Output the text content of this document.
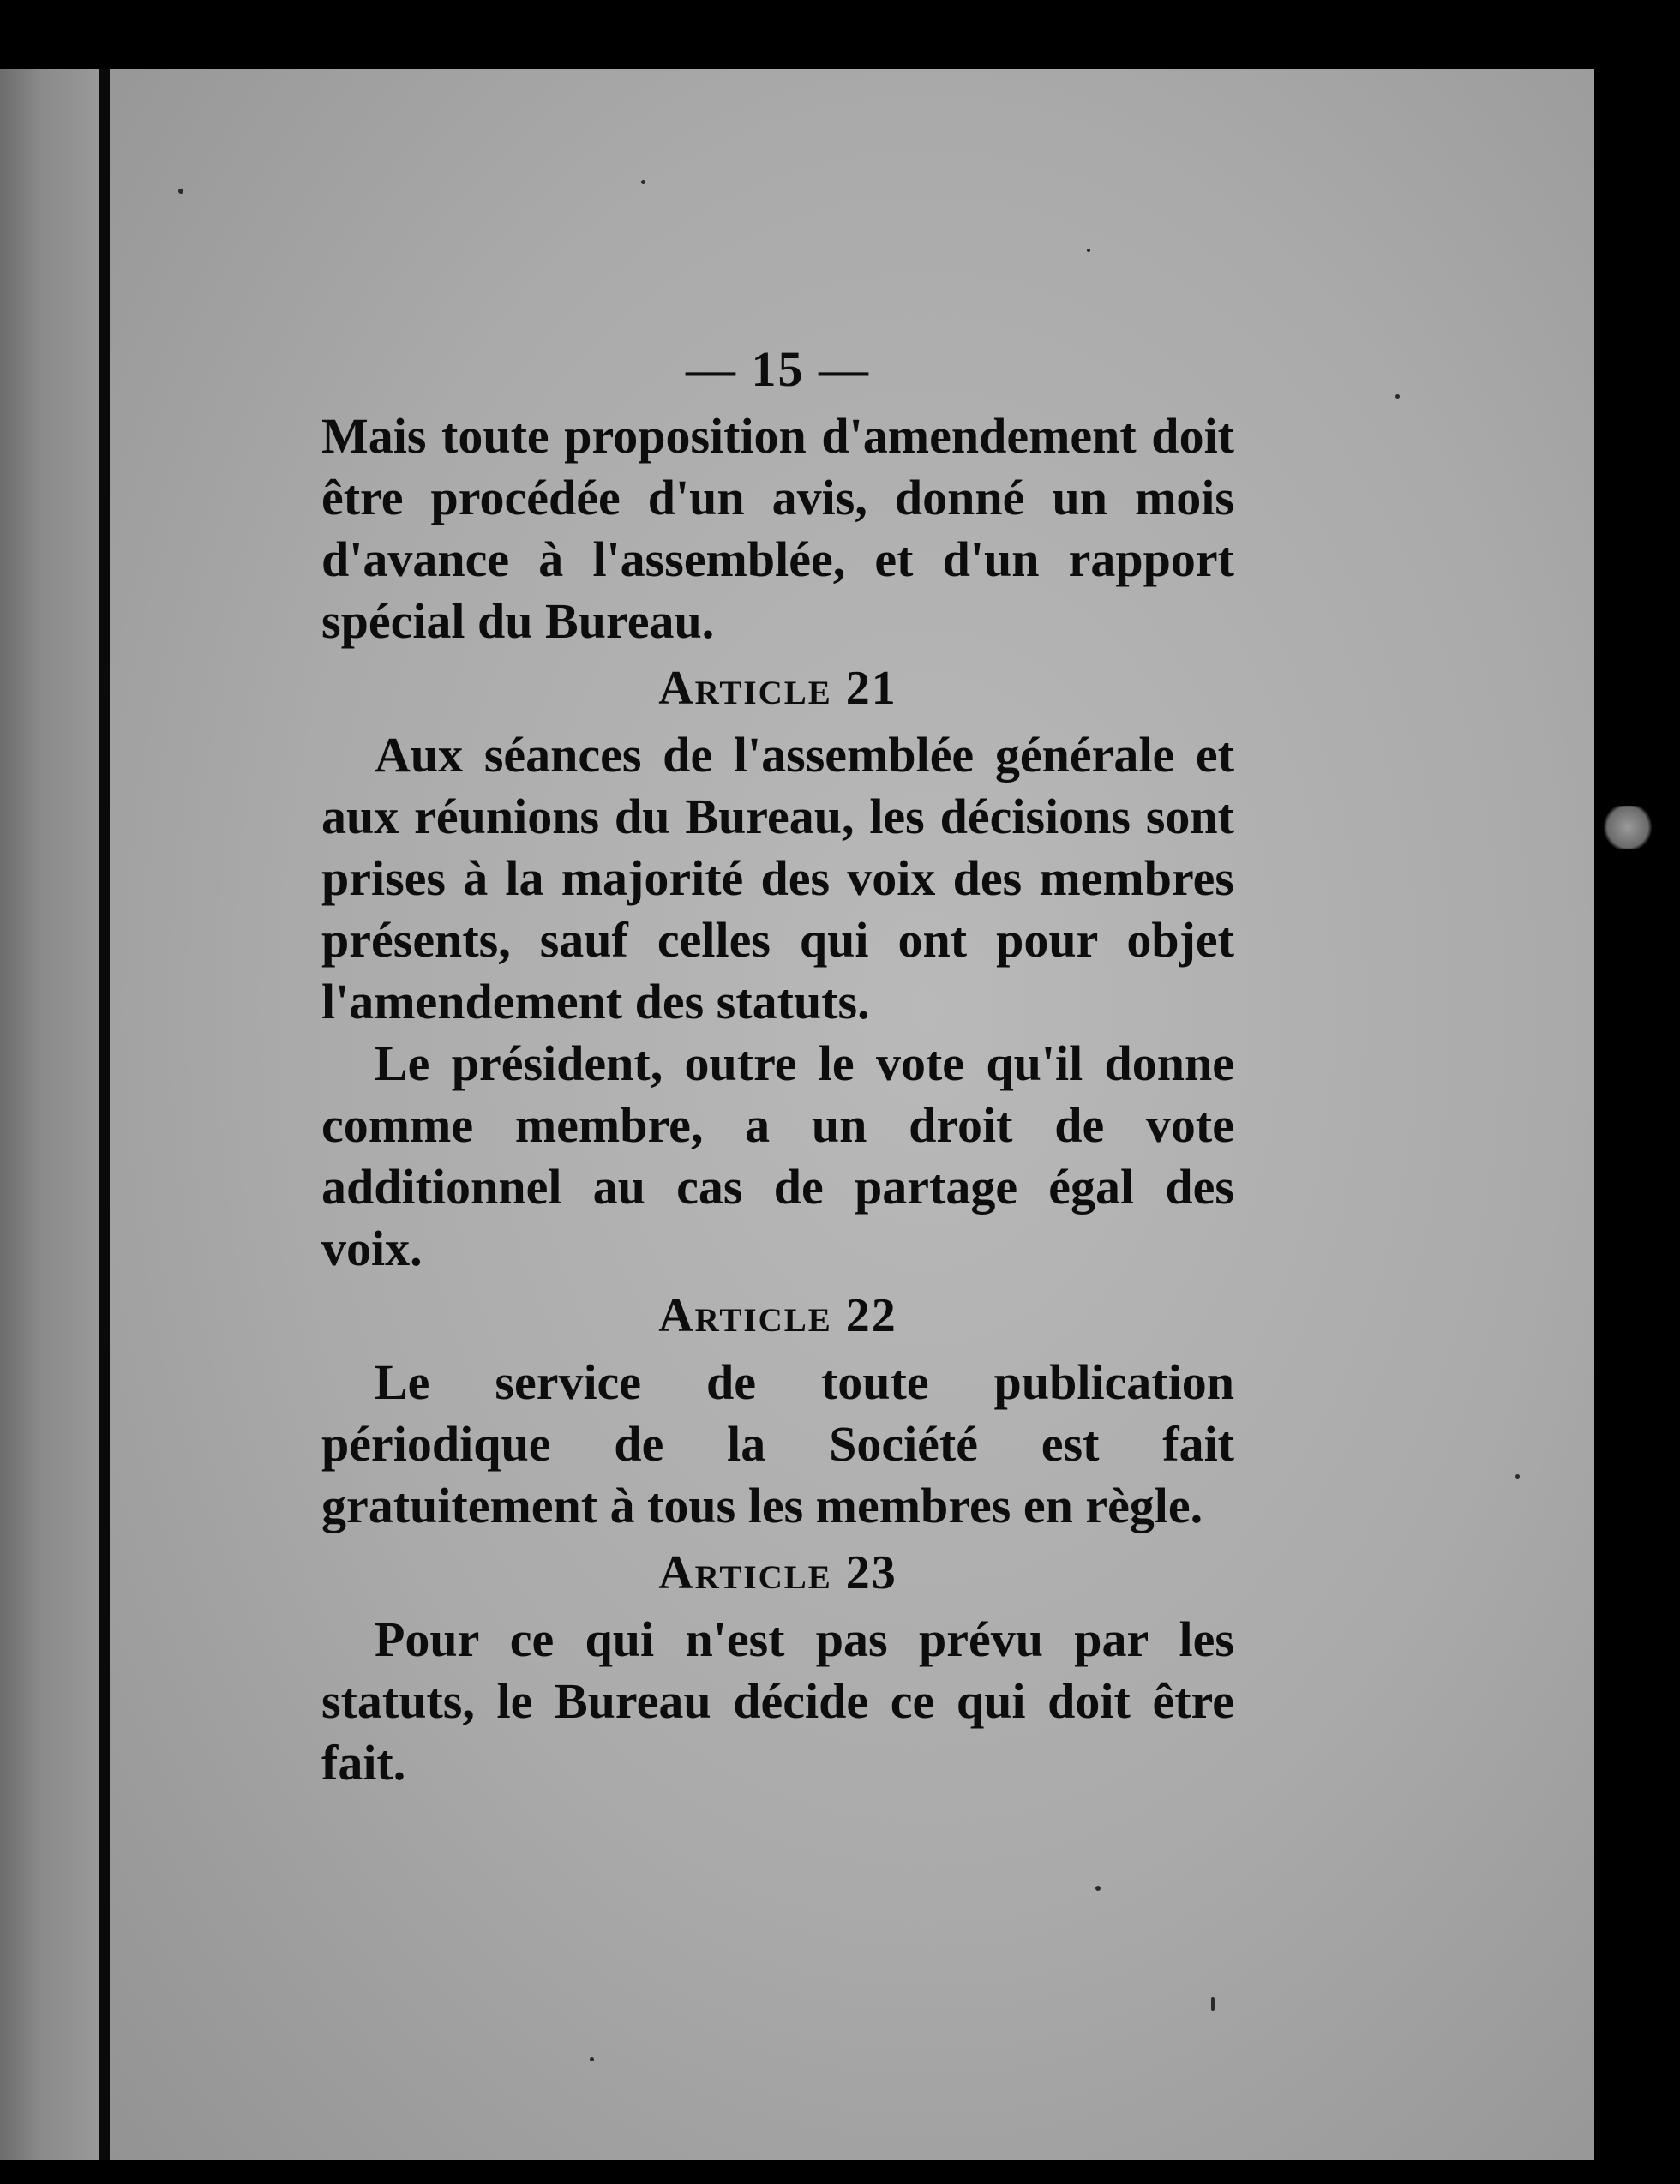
— 15 —

Mais toute proposition d'amendement doit être procédée d'un avis, donné un mois d'avance à l'assemblée, et d'un rapport spécial du Bureau.

Article 21

Aux séances de l'assemblée générale et aux réunions du Bureau, les décisions sont prises à la majorité des voix des membres présents, sauf celles qui ont pour objet l'amendement des statuts.

Le président, outre le vote qu'il donne comme membre, a un droit de vote additionnel au cas de partage égal des voix.

Article 22

Le service de toute publication périodique de la Société est fait gratuitement à tous les membres en règle.

Article 23

Pour ce qui n'est pas prévu par les statuts, le Bureau décide ce qui doit être fait.
